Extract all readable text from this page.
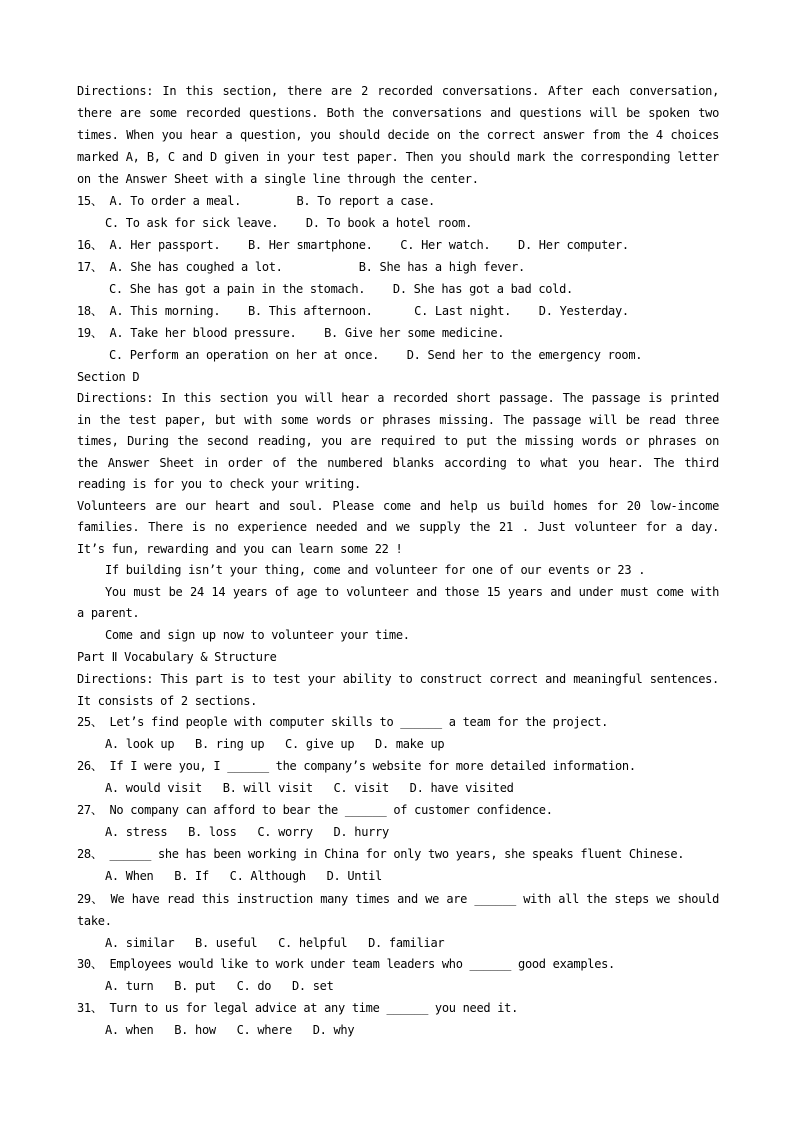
Directions: In this section, there are 2 recorded conversations. After each conversation, there are some recorded questions. Both the conversations and questions will be spoken two times. When you hear a question, you should decide on the correct answer from the 4 choices marked A, B, C and D given in your test paper. Then you should mark the corresponding letter on the Answer Sheet with a single line through the center.

15、 A. To order a meal.        B. To report a case.

C. To ask for sick leave.    D. To book a hotel room.

16、 A. Her passport.    B. Her smartphone.    C. Her watch.    D. Her computer.

17、 A. She has coughed a lot.           B. She has a high fever.

C. She has got a pain in the stomach.    D. She has got a bad cold.

18、 A. This morning.    B. This afternoon.      C. Last night.    D. Yesterday.

19、 A. Take her blood pressure.    B. Give her some medicine.

C. Perform an operation on her at once.    D. Send her to the emergency room.

Section D

Directions: In this section you will hear a recorded short passage. The passage is printed in the test paper, but with some words or phrases missing. The passage will be read three times, During the second reading, you are required to put the missing words or phrases on the Answer Sheet in order of the numbered blanks according to what you hear. The third reading is for you to check your writing.

Volunteers are our heart and soul. Please come and help us build homes for 20 low-income families. There is no experience needed and we supply the 21 . Just volunteer for a day. It’s fun, rewarding and you can learn some 22 !

If building isn’t your thing, come and volunteer for one of our events or 23 .

You must be 24 14 years of age to volunteer and those 15 years and under must come with a parent.

Come and sign up now to volunteer your time.

Part Ⅱ Vocabulary & Structure

Directions: This part is to test your ability to construct correct and meaningful sentences. It consists of 2 sections.

25、 Let’s find people with computer skills to ______ a team for the project.

A. look up   B. ring up   C. give up   D. make up

26、 If I were you, I ______ the company’s website for more detailed information.

A. would visit   B. will visit   C. visit   D. have visited

27、 No company can afford to bear the ______ of customer confidence.

A. stress   B. loss   C. worry   D. hurry

28、 ______ she has been working in China for only two years, she speaks fluent Chinese.

A. When   B. If   C. Although   D. Until

29、 We have read this instruction many times and we are ______ with all the steps we should take.

A. similar   B. useful   C. helpful   D. familiar

30、 Employees would like to work under team leaders who ______ good examples.

A. turn   B. put   C. do   D. set

31、 Turn to us for legal advice at any time ______ you need it.

A. when   B. how   C. where   D. why
